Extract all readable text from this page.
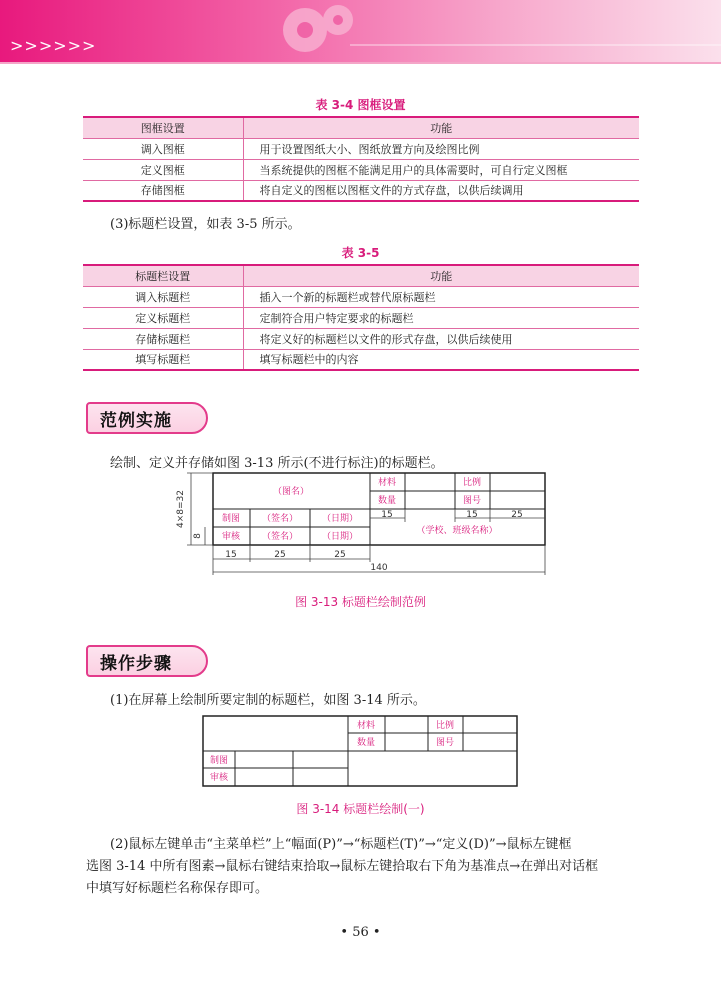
>>>>>>
表 3-4 图框设置
图框设置	功能
调入图框	用于设置图纸大小、图纸放置方向及绘图比例
定义图框	当系统提供的图框不能满足用户的具体需要时，可自行定义图框
存储图框	将自定义的图框以图框文件的方式存盘，以供后续调用
(3)标题栏设置，如表 3-5 所示。
表 3-5
标题栏设置	功能
调入标题栏	插入一个新的标题栏或替代原标题栏
定义标题栏	定制符合用户特定要求的标题栏
存储标题栏	将定义好的标题栏以文件的形式存盘，以供后续使用
填写标题栏	填写标题栏中的内容
范例实施
绘制、定义并存储如图 3-13 所示(不进行标注)的标题栏。
（图名）
材料	比例
数量	图号
制图
审核
（签名）
（签名）
（日期）
（日期）
（学校、班级名称）
4×8=32
8
15	25	25
140
15	15	25
图 3-13 标题栏绘制范例
操作步骤
(1)在屏幕上绘制所要定制的标题栏，如图 3-14 所示。
材料	比例
数量	图号
制图
审核
图 3-14 标题栏绘制(一)
(2)鼠标左键单击“主菜单栏”上“幅面(P)”→“标题栏(T)”→“定义(D)”→鼠标左键框
选图 3-14 中所有图素→鼠标右键结束拾取→鼠标左键拾取右下角为基准点→在弹出对话框
中填写好标题栏名称保存即可。
• 56 •
